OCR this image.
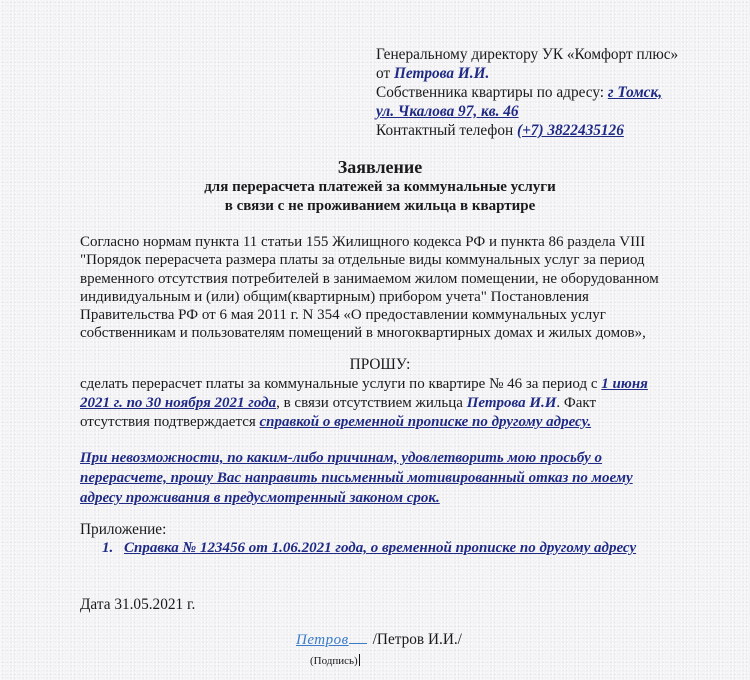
Генеральному директору УК «Комфорт плюс»
от Петрова И.И.
Собственника квартиры по адресу: г Томск,
ул. Чкалова 97, кв. 46
Контактный телефон (+7) 3822435126
Заявление
для перерасчета платежей за коммунальные услуги
в связи с не проживанием жильца в квартире
Согласно нормам пункта 11 статьи 155 Жилищного кодекса РФ и пункта 86 раздела VIII
"Порядок перерасчета размера платы за отдельные виды коммунальных услуг за период
временного отсутствия потребителей в занимаемом жилом помещении, не оборудованном
индивидуальным и (или) общим(квартирным) прибором учета" Постановления
Правительства РФ от 6 мая 2011 г. N 354 «О предоставлении коммунальных услуг
собственникам и пользователям помещений в многоквартирных домах и жилых домов»,
ПРОШУ:
сделать перерасчет платы за коммунальные услуги по квартире № 46 за период с 1 июня
2021 г. по 30 ноября 2021 года, в связи отсутствием жильца Петрова И.И. Факт
отсутствия подтверждается справкой о временной прописке по другому адресу.
При невозможности, по каким-либо причинам, удовлетворить мою просьбу о
перерасчете, прошу Вас направить письменный мотивированный отказ по моему
адресу проживания в предусмотренный законом срок.
Приложение:
1. Справка № 123456 от 1.06.2021 года, о временной прописке по другому адресу
Дата 31.05.2021 г.
Петров /Петров И.И./
(Подпись)
